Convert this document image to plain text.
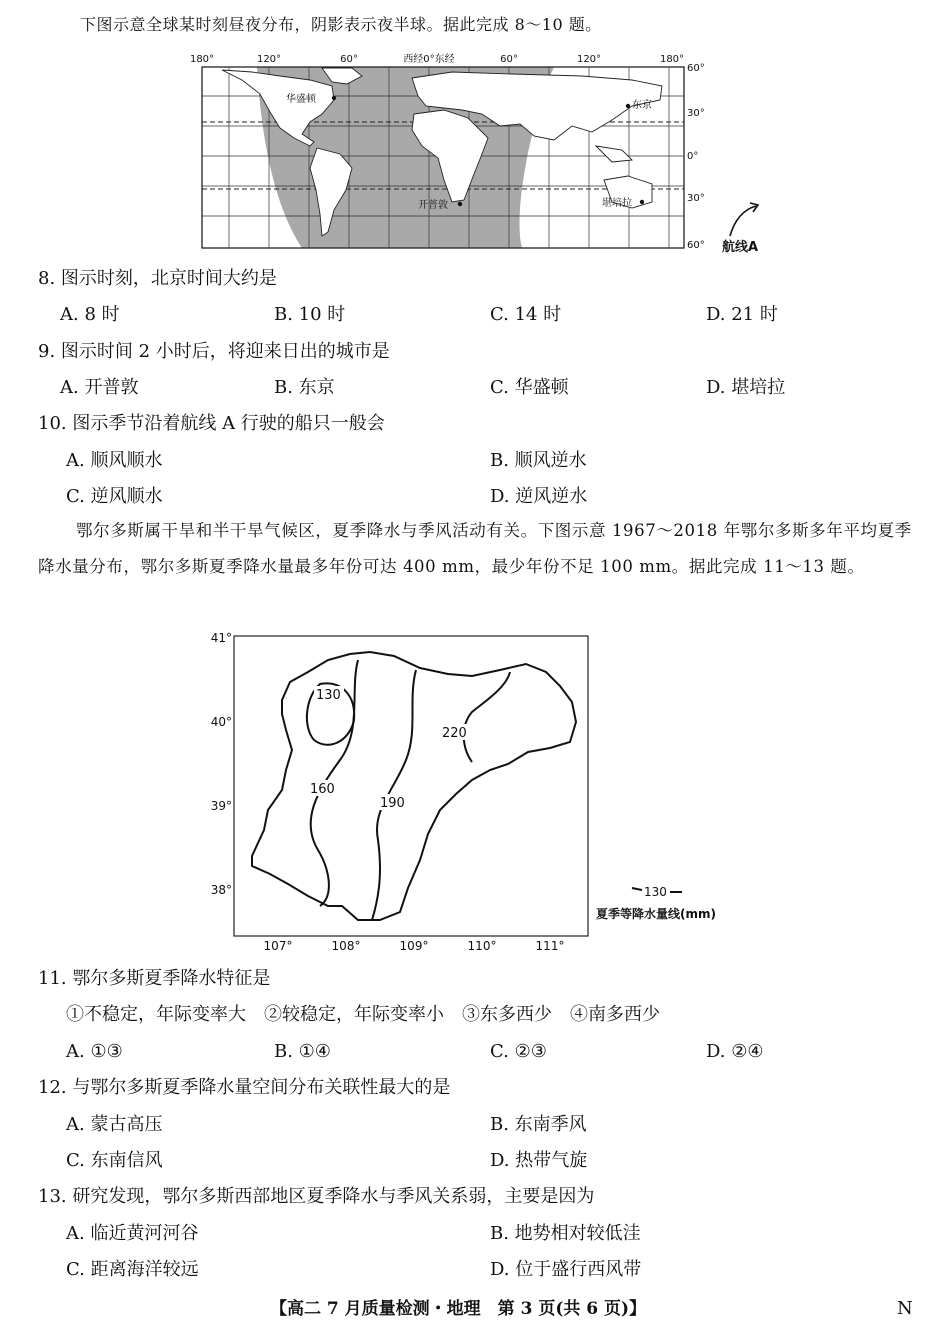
下图示意全球某时刻昼夜分布，阴影表示夜半球。据此完成 8～10 题。
180°	120°	60°	西经0°东经	60°	120°	180°
60°
30°
0°
30°
60°
华盛顿
东京
开普敦	堪培拉
航线A
8. 图示时刻，北京时间大约是
A. 8 时	B. 10 时	C. 14 时	D. 21 时
9. 图示时间 2 小时后，将迎来日出的城市是
A. 开普敦	B. 东京	C. 华盛顿	D. 堪培拉
10. 图示季节沿着航线 A 行驶的船只一般会
A. 顺风顺水	B. 顺风逆水
C. 逆风顺水	D. 逆风逆水
鄂尔多斯属干旱和半干旱气候区，夏季降水与季风活动有关。下图示意 1967～2018 年鄂尔多斯多年平均夏季降水量分布，鄂尔多斯夏季降水量最多年份可达 400 mm，最少年份不足 100 mm。据此完成 11～13 题。
130
160
190
220
41°
40°
39°
38°
107°	108°	109°	110°	111°
130
夏季等降水量线(mm)
11. 鄂尔多斯夏季降水特征是
①不稳定，年际变率大　②较稳定，年际变率小　③东多西少　④南多西少
A. ①③	B. ①④	C. ②③	D. ②④
12. 与鄂尔多斯夏季降水量空间分布关联性最大的是
A. 蒙古高压	B. 东南季风
C. 东南信风	D. 热带气旋
13. 研究发现，鄂尔多斯西部地区夏季降水与季风关系弱，主要是因为
A. 临近黄河河谷	B. 地势相对较低洼
C. 距离海洋较远	D. 位于盛行西风带
【高二 7 月质量检测・地理　第 3 页(共 6 页)】	N
